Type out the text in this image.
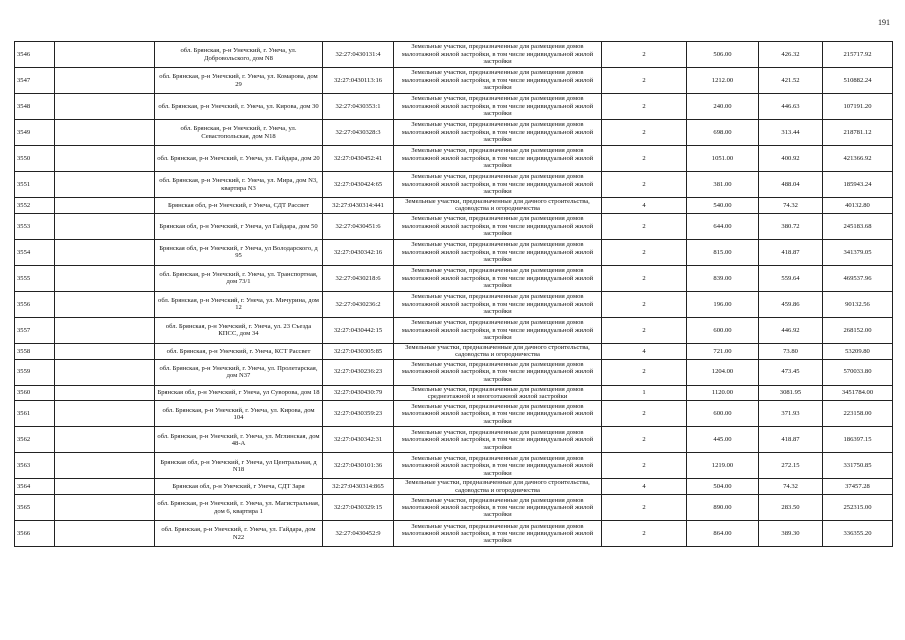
191
3546		обл. Брянская, р-н Унечский, г. Унеча, ул. Добровольского, дом N8	32:27:0430131:4	Земельные участки, предназначенные для размещения домов малоэтажной жилой застройки, в том числе индивидуальной жилой застройки	2	506.00	426.32	215717.92
3547		обл. Брянская, р-н Унечский, г. Унеча, ул. Комарова, дом 29	32:27:0430113:16	Земельные участки, предназначенные для размещения домов малоэтажной жилой застройки, в том числе индивидуальной жилой застройки	2	1212.00	421.52	510882.24
3548		обл. Брянская, р-н Унечский, г. Унеча, ул. Кирова, дом 30	32:27:0430353:1	Земельные участки, предназначенные для размещения домов малоэтажной жилой застройки, в том числе индивидуальной жилой застройки	2	240.00	446.63	107191.20
3549		обл. Брянская, р-н Унечский, г. Унеча, ул. Севастопольская, дом N18	32:27:0430328:3	Земельные участки, предназначенные для размещения домов малоэтажной жилой застройки, в том числе индивидуальной жилой застройки	2	698.00	313.44	218781.12
3550		обл. Брянская, р-н Унечский, г. Унеча, ул. Гайдара, дом 20	32:27:0430452:41	Земельные участки, предназначенные для размещения домов малоэтажной жилой застройки, в том числе индивидуальной жилой застройки	2	1051.00	400.92	421366.92
3551		обл. Брянская, р-н Унечский, г. Унеча, ул. Мира, дом N3, квартира N3	32:27:0430424:65	Земельные участки, предназначенные для размещения домов малоэтажной жилой застройки, в том числе индивидуальной жилой застройки	2	381.00	488.04	185943.24
3552		Брянская обл, р-н Унечский, г Унеча, СДТ Рассвет	32:27:0430314:441	Земельные участки, предназначенные для дачного строительства, садоводства и огородничества	4	540.00	74.32	40132.80
3553		Брянская обл, р-н Унечский, г Унеча, ул Гайдара, дом 50	32:27:0430451:6	Земельные участки, предназначенные для размещения домов малоэтажной жилой застройки, в том числе индивидуальной жилой застройки	2	644.00	380.72	245183.68
3554		Брянская обл, р-н Унечский, г Унеча, ул Володарского, д 95	32:27:0430342:16	Земельные участки, предназначенные для размещения домов малоэтажной жилой застройки, в том числе индивидуальной жилой застройки	2	815.00	418.87	341379.05
3555		обл. Брянская, р-н Унечский, г. Унеча, ул. Транспортная, дом 73/1	32:27:0430218:6	Земельные участки, предназначенные для размещения домов малоэтажной жилой застройки, в том числе индивидуальной жилой застройки	2	839.00	559.64	469537.96
3556		обл. Брянская, р-н Унечский, г. Унеча, ул. Мичурина, дом 12	32:27:0430236:2	Земельные участки, предназначенные для размещения домов малоэтажной жилой застройки, в том числе индивидуальной жилой застройки	2	196.00	459.86	90132.56
3557		обл. Брянская, р-н Унечский, г. Унеча, ул. 23 Съезда КПСС, дом 34	32:27:0430442:15	Земельные участки, предназначенные для размещения домов малоэтажной жилой застройки, в том числе индивидуальной жилой застройки	2	600.00	446.92	268152.00
3558		обл. Брянская, р-н Унечский, г. Унеча, КСТ Рассвет	32:27:0430305:85	Земельные участки, предназначенные для дачного строительства, садоводства и огородничества	4	721.00	73.80	53209.80
3559		обл. Брянская, р-н Унечский, г. Унеча, ул. Пролетарская, дом N37	32:27:0430236:23	Земельные участки, предназначенные для размещения домов малоэтажной жилой застройки, в том числе индивидуальной жилой застройки	2	1204.00	473.45	570033.80
3560		Брянская обл, р-н Унечский, г Унеча, ул Суворова, дом 18	32:27:0430430:79	Земельные участки, предназначенные для размещения домов среднеэтажной и многоэтажной жилой застройки	1	1120.00	3081.95	3451784.00
3561		обл. Брянская, р-н Унечский, г. Унеча, ул. Кирова, дом 104	32:27:0430359:23	Земельные участки, предназначенные для размещения домов малоэтажной жилой застройки, в том числе индивидуальной жилой застройки	2	600.00	371.93	223158.00
3562		обл. Брянская, р-н Унечский, г. Унеча, ул. Мглинская, дом 48-А	32:27:0430342:31	Земельные участки, предназначенные для размещения домов малоэтажной жилой застройки, в том числе индивидуальной жилой застройки	2	445.00	418.87	186397.15
3563		Брянская обл, р-н Унечский, г Унеча, ул Центральная, д N18	32:27:0430101:36	Земельные участки, предназначенные для размещения домов малоэтажной жилой застройки, в том числе индивидуальной жилой застройки	2	1219.00	272.15	331750.85
3564		Брянская обл, р-н Унечский, г Унеча, СДТ Заря	32:27:0430314:865	Земельные участки, предназначенные для дачного строительства, садоводства и огородничества	4	504.00	74.32	37457.28
3565		обл. Брянская, р-н Унечский, г. Унеча, ул. Магистральная, дом 6, квартира 1	32:27:0430329:15	Земельные участки, предназначенные для размещения домов малоэтажной жилой застройки, в том числе индивидуальной жилой застройки	2	890.00	283.50	252315.00
3566		обл. Брянская, р-н Унечский, г. Унеча, ул. Гайдара, дом N22	32:27:0430452:9	Земельные участки, предназначенные для размещения домов малоэтажной жилой застройки, в том числе индивидуальной жилой застройки	2	864.00	389.30	336355.20
